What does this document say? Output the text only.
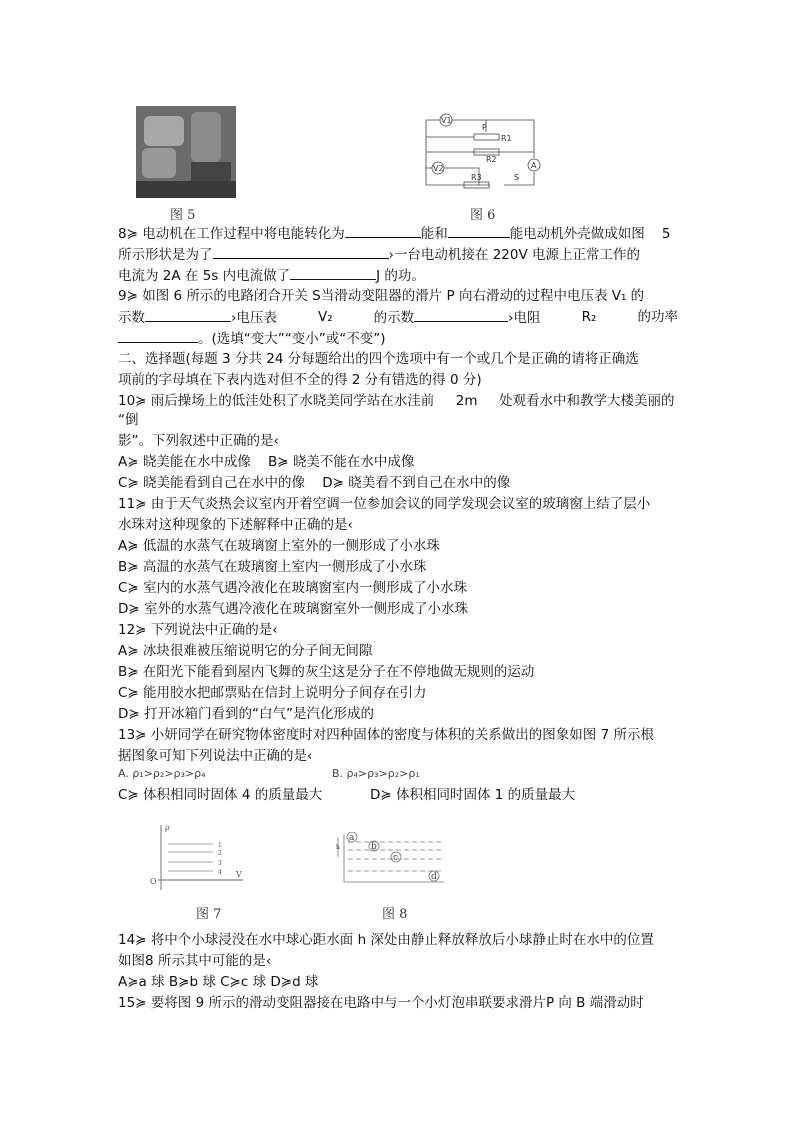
图 5
V1
V2	A
P
R1
R2
R3	S
图 6
8≽ 电动机在工作过程中将电能转化为	能和	能电动机外壳做成如图 5
所示形状是为了	›一台电动机接在 220V 电源上正常工作的
电流为 2A 在 5s 内电流做了	J 的功。
9≽ 如图 6 所示的电路闭合开关 S当滑动变阻器的滑片 P 向右滑动的过程中电压表 V₁ 的
示数	›电压表	V₂	的示数	›电阻	R₂	的功率
。(选填“变大”“变小”或“不变”)
二、选择题(每题 3 分共 24 分每题给出的四个选项中有一个或几个是正确的请将正确选
项前的字母填在下表内选对但不全的得 2 分有错选的得 0 分)
10≽ 雨后操场上的低洼处积了水晓美同学站在水洼前 2m 处观看水中和教学大楼美丽的
“倒
影”。下列叙述中正确的是‹
A≽ 晓美能在水中成像 B≽ 晓美不能在水中成像
C≽ 晓美能看到自己在水中的像 D≽ 晓美看不到自己在水中的像
11≽ 由于天气炎热会议室内开着空调一位参加会议的同学发现会议室的玻璃窗上结了层小
水珠对这种现象的下述解释中正确的是‹
A≽ 低温的水蒸气在玻璃窗上室外的一侧形成了小水珠
B≽ 高温的水蒸气在玻璃窗上室内一侧形成了小水珠
C≽ 室内的水蒸气遇冷液化在玻璃窗室内一侧形成了小水珠
D≽ 室外的水蒸气遇冷液化在玻璃窗室外一侧形成了小水珠
12≽ 下列说法中正确的是‹
A≽ 冰块很难被压缩说明它的分子间无间隙
B≽ 在阳光下能看到屋内飞舞的灰尘这是分子在不停地做无规则的运动
C≽ 能用胶水把邮票贴在信封上说明分子间存在引力
D≽ 打开冰箱门看到的“白气”是汽化形成的
13≽ 小妍同学在研究物体密度时对四种固体的密度与体积的关系做出的图象如图 7 所示根
据图象可知下列说法中正确的是‹
A. ρ₁>ρ₂>ρ₃>ρ₄	B. ρ₄>ρ₃>ρ₂>ρ₁
C≽ 体积相同时固体 4 的质量最大	D≽ 体积相同时固体 1 的质量最大
ρ
V
O
1
2
3
4
图 7
a
b
c
d
h
图 8
14≽ 将中个小球浸没在水中球心距水面 h 深处由静止释放释放后小球静止时在水中的位置
如图8 所示其中可能的是‹
A≽a 球 B≽b 球 C≽c 球 D≽d 球
15≽ 要将图 9 所示的滑动变阻器接在电路中与一个小灯泡串联要求滑片P 向 B 端滑动时
